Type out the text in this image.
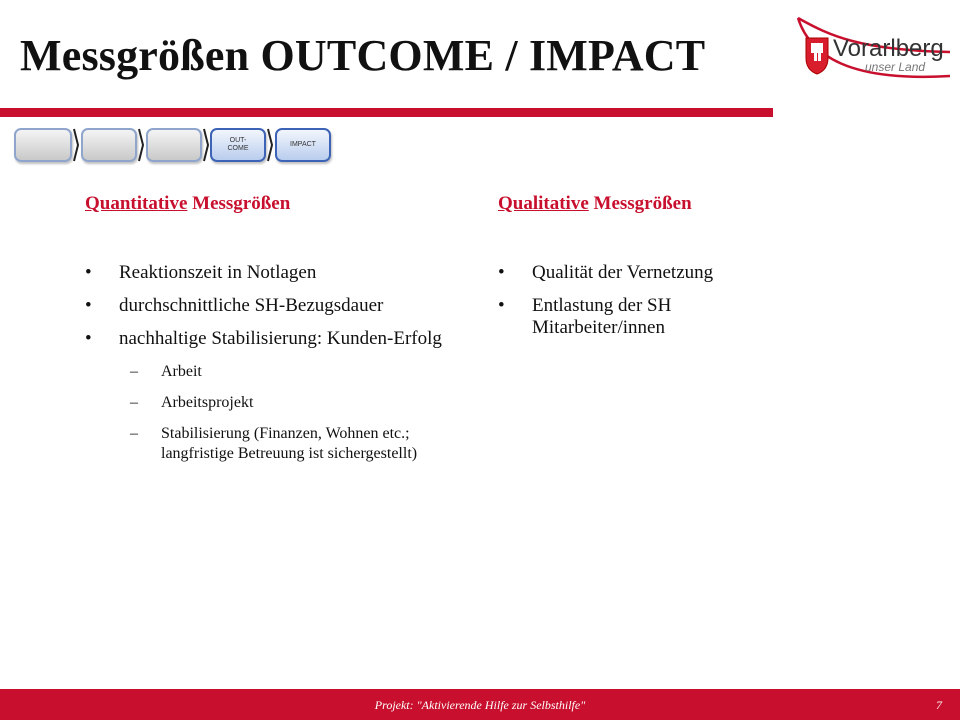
Messgrößen OUTCOME / IMPACT	Vorarlberg
unser Land
OUT-
COME
IMPACT
Quantitative Messgrößen
• Reaktionszeit in Notlagen
• durchschnittliche SH-Bezugsdauer
• nachhaltige Stabilisierung: Kunden-Erfolg
– Arbeit
– Arbeitsprojekt
– Stabilisierung (Finanzen, Wohnen etc.; langfristige Betreuung ist sichergestellt)
Qualitative Messgrößen
• Qualität der Vernetzung
• Entlastung der SH Mitarbeiter/innen
Projekt: "Aktivierende Hilfe zur Selbsthilfe"	7
